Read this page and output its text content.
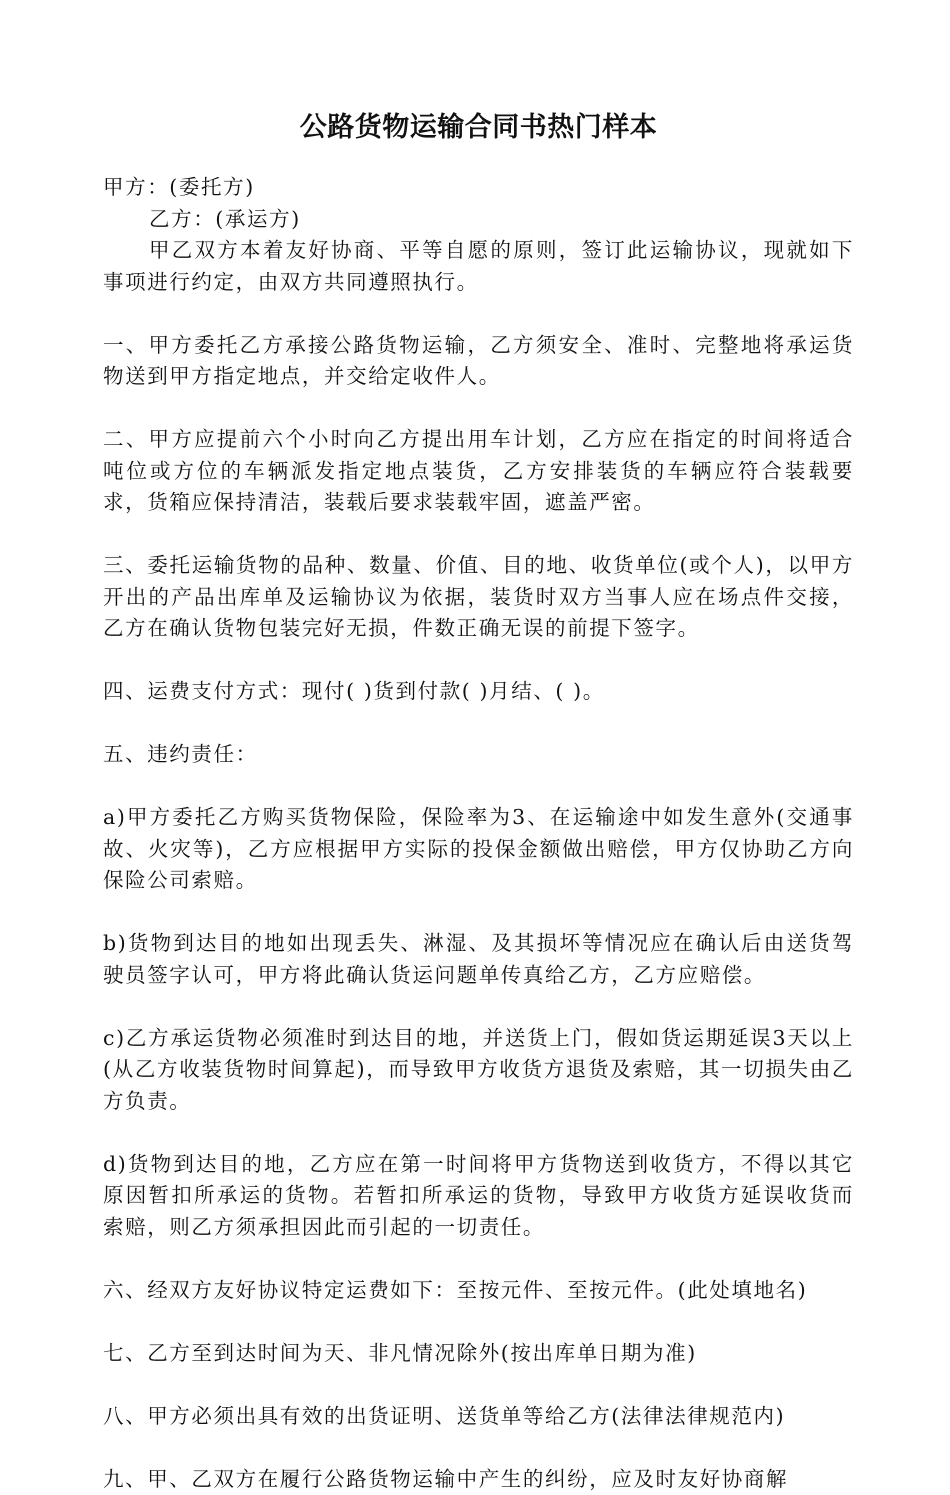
公路货物运输合同书热门样本

甲方：(委托方)

乙方：(承运方)

甲乙双方本着友好协商、平等自愿的原则，签订此运输协议，现就如下事项进行约定，由双方共同遵照执行。

一、甲方委托乙方承接公路货物运输，乙方须安全、准时、完整地将承运货物送到甲方指定地点，并交给定收件人。

二、甲方应提前六个小时向乙方提出用车计划，乙方应在指定的时间将适合吨位或方位的车辆派发指定地点装货，乙方安排装货的车辆应符合装载要求，货箱应保持清洁，装载后要求装载牢固，遮盖严密。

三、委托运输货物的品种、数量、价值、目的地、收货单位(或个人)，以甲方开出的产品出库单及运输协议为依据，装货时双方当事人应在场点件交接，乙方在确认货物包装完好无损，件数正确无误的前提下签字。

四、运费支付方式：现付( )货到付款( )月结、( )。

五、违约责任：

a)甲方委托乙方购买货物保险，保险率为3、在运输途中如发生意外(交通事故、火灾等)，乙方应根据甲方实际的投保金额做出赔偿，甲方仅协助乙方向保险公司索赔。

b)货物到达目的地如出现丢失、淋湿、及其损坏等情况应在确认后由送货驾驶员签字认可，甲方将此确认货运问题单传真给乙方，乙方应赔偿。

c)乙方承运货物必须准时到达目的地，并送货上门，假如货运期延误3天以上(从乙方收装货物时间算起)，而导致甲方收货方退货及索赔，其一切损失由乙方负责。

d)货物到达目的地，乙方应在第一时间将甲方货物送到收货方，不得以其它原因暂扣所承运的货物。若暂扣所承运的货物，导致甲方收货方延误收货而索赔，则乙方须承担因此而引起的一切责任。

六、经双方友好协议特定运费如下：至按元件、至按元件。(此处填地名)

七、乙方至到达时间为天、非凡情况除外(按出库单日期为准)

八、甲方必须出具有效的出货证明、送货单等给乙方(法律法律规范内)

九、甲、乙双方在履行公路货物运输中产生的纠纷，应及时友好协商解
